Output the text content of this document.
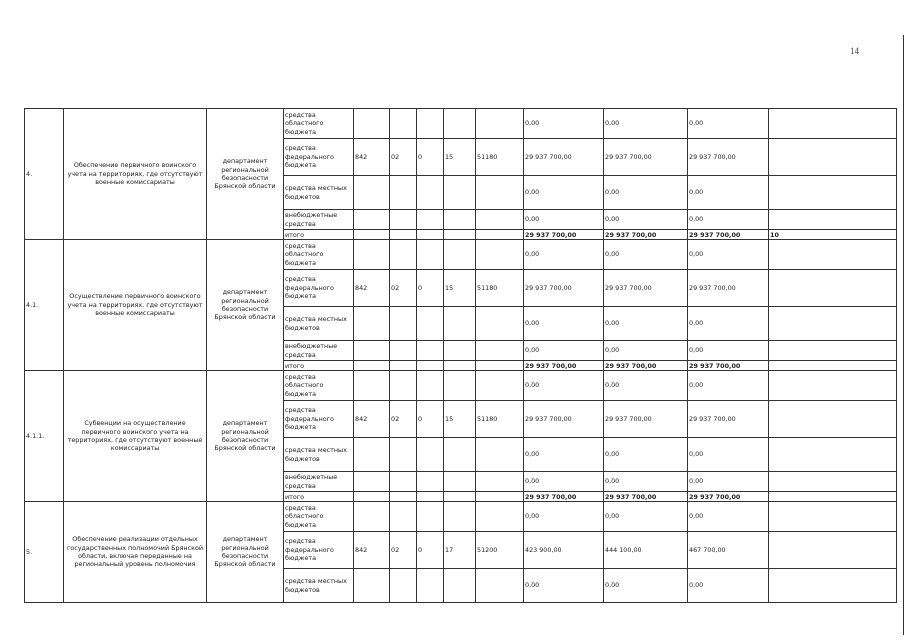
14
4.	Обеспечение первичного воинского учета на территориях, где отсутствуют военные комиссариаты	департамент региональной безопасности Брянской области	средства областного бюджета						0,00	0,00	0,00	
			средства федерального бюджета	842	02	0	15	51180	29 937 700,00	29 937 700,00	29 937 700,00	
			средства местных бюджетов						0,00	0,00	0,00	
			внебюджетные средства						0,00	0,00	0,00	
			итого						29 937 700,00	29 937 700,00	29 937 700,00	10
4.1.	Осуществление первичного воинского учета на территориях, где отсутствуют военные комиссариаты	департамент региональной безопасности Брянской области	средства областного бюджета						0,00	0,00	0,00	
			средства федерального бюджета	842	02	0	15	51180	29 937 700,00	29 937 700,00	29 937 700,00	
			средства местных бюджетов						0,00	0,00	0,00	
			внебюджетные средства						0,00	0,00	0,00	
			итого						29 937 700,00	29 937 700,00	29 937 700,00	
4.1.1.	Субвенции на осуществление первичного воинского учета на территориях, где отсутствуют военные комиссариаты	департамент региональной безопасности Брянской области	средства областного бюджета						0,00	0,00	0,00	
			средства федерального бюджета	842	02	0	15	51180	29 937 700,00	29 937 700,00	29 937 700,00	
			средства местных бюджетов						0,00	0,00	0,00	
			внебюджетные средства						0,00	0,00	0,00	
			итого						29 937 700,00	29 937 700,00	29 937 700,00	
5.	Обеспечение реализации отдельных государственных полномочий Брянской области, включая переданные на региональный уровень полномочия	департамент региональной безопасности Брянской области	средства областного бюджета						0,00	0,00	0,00	
			средства федерального бюджета	842	02	0	17	51200	423 900,00	444 100,00	467 700,00	
			средства местных бюджетов						0,00	0,00	0,00	
